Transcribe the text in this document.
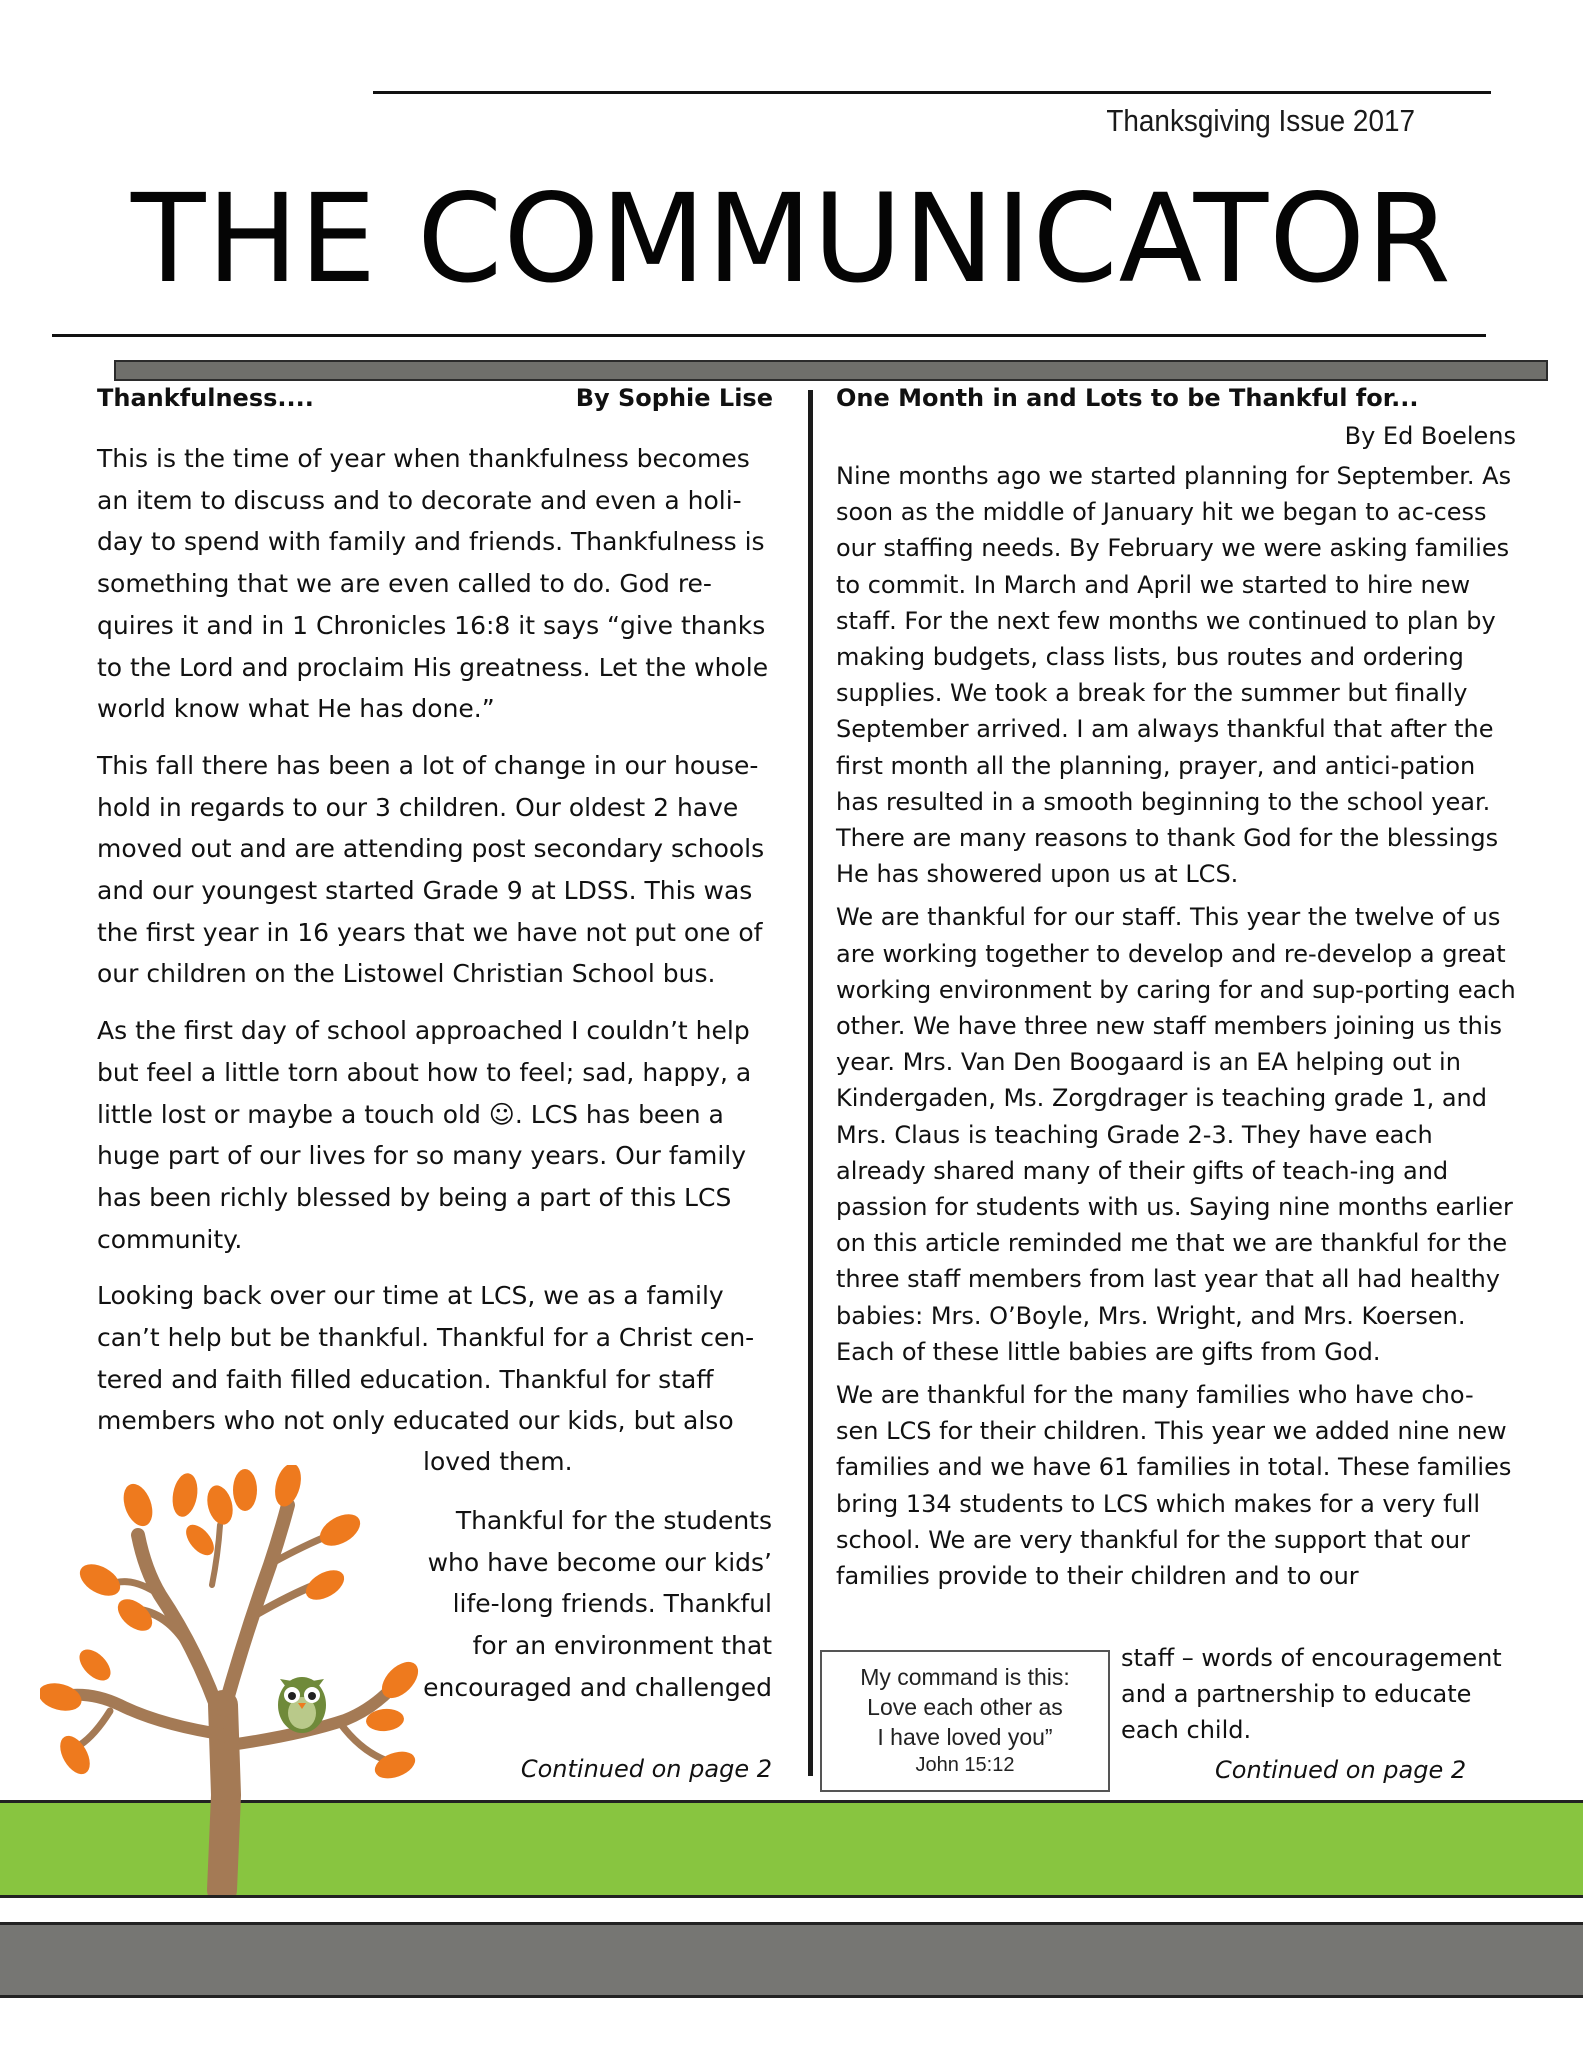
Thanksgiving Issue 2017
THE COMMUNICATOR
Thankfulness....	By Sophie Lise

This is the time of year when thankfulness becomes an item to discuss and to decorate and even a holi-day to spend with family and friends. Thankfulness is something that we are even called to do. God re-quires it and in 1 Chronicles 16:8 it says “give thanks to the Lord and proclaim His greatness. Let the whole world know what He has done.”

This fall there has been a lot of change in our house-hold in regards to our 3 children. Our oldest 2 have moved out and are attending post secondary schools and our youngest started Grade 9 at LDSS. This was the first year in 16 years that we have not put one of our children on the Listowel Christian School bus.

As the first day of school approached I couldn’t help but feel a little torn about how to feel; sad, happy, a little lost or maybe a touch old ☺. LCS has been a huge part of our lives for so many years. Our family has been richly blessed by being a part of this LCS community.

Looking back over our time at LCS, we as a family can’t help but be thankful. Thankful for a Christ cen-tered and faith filled education. Thankful for staff members who not only educated our kids, but also

loved them.
Thankful for the students
who have become our kids’
life-long friends. Thankful
for an environment that
encouraged and challenged
Continued on page 2
One Month in and Lots to be Thankful for...
By Ed Boelens

Nine months ago we started planning for September. As soon as the middle of January hit we began to ac-cess our staffing needs. By February we were asking families to commit. In March and April we started to hire new staff. For the next few months we continued to plan by making budgets, class lists, bus routes and ordering supplies. We took a break for the summer but finally September arrived. I am always thankful that after the first month all the planning, prayer, and antici-pation has resulted in a smooth beginning to the school year. There are many reasons to thank God for the blessings He has showered upon us at LCS.

We are thankful for our staff. This year the twelve of us are working together to develop and re-develop a great working environment by caring for and sup-porting each other. We have three new staff members joining us this year. Mrs. Van Den Boogaard is an EA helping out in Kindergaden, Ms. Zorgdrager is teaching grade 1, and Mrs. Claus is teaching Grade 2-3. They have each already shared many of their gifts of teach-ing and passion for students with us. Saying nine months earlier on this article reminded me that we are thankful for the three staff members from last year that all had healthy babies: Mrs. O’Boyle, Mrs. Wright, and Mrs. Koersen. Each of these little babies are gifts from God.

We are thankful for the many families who have cho-sen LCS for their children. This year we added nine new families and we have 61 families in total. These families bring 134 students to LCS which makes for a very full school. We are very thankful for the support that our families provide to their children and to our

staff – words of encouragement
and a partnership to educate
each child.
Continued on page 2
My command is this:
Love each other as
I have loved you”
John 15:12
